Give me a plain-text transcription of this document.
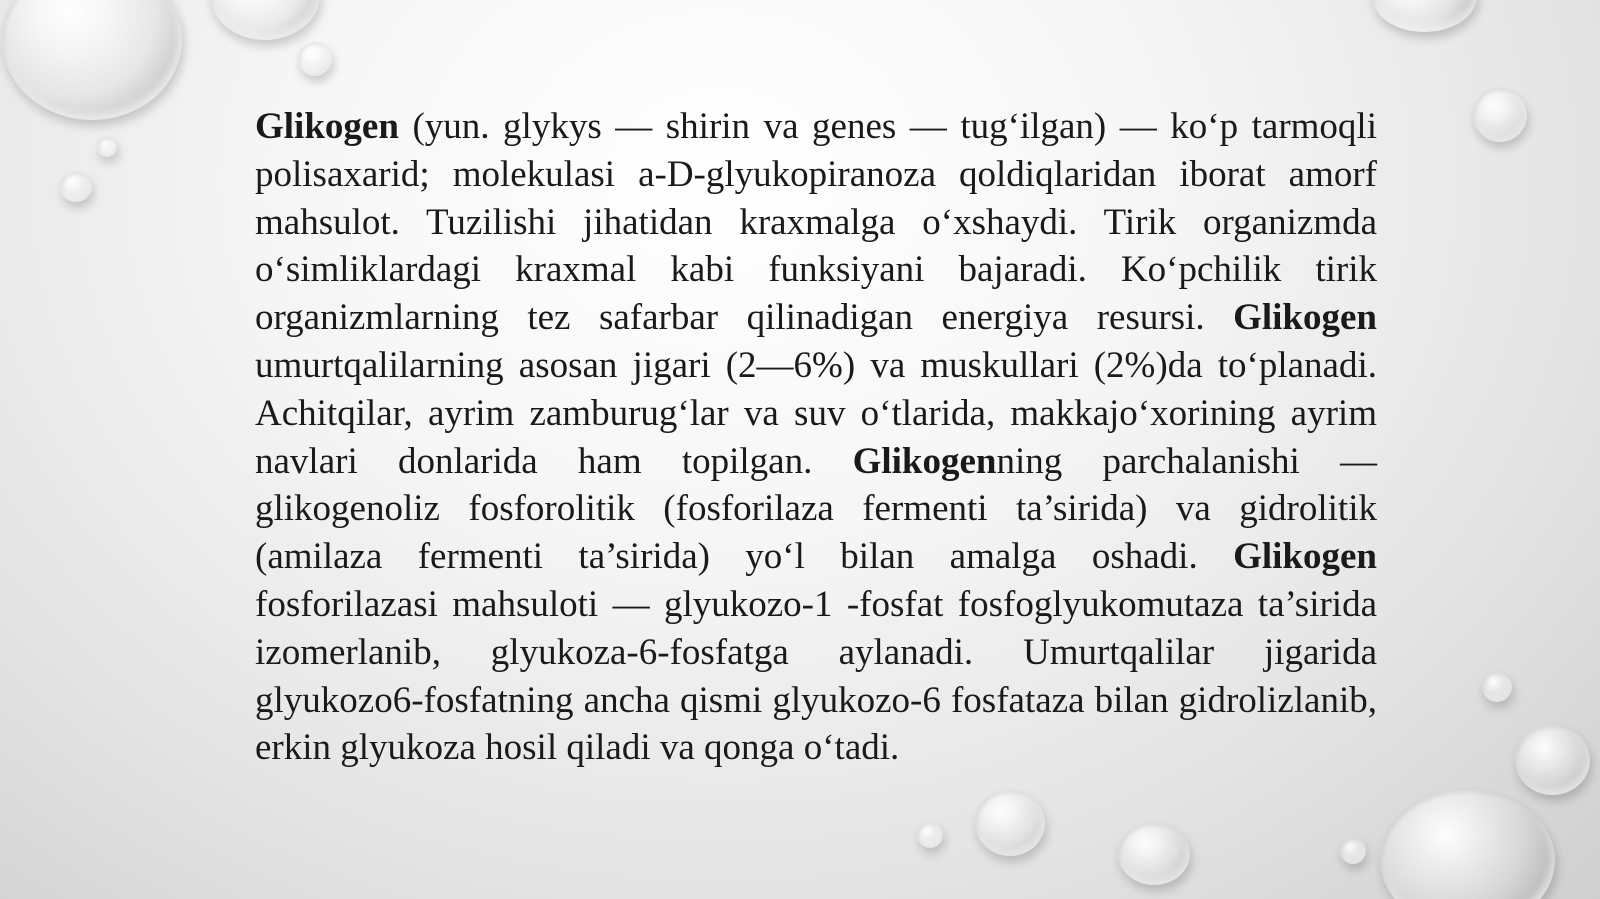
Glikogen (yun. glykys — shirin va genes — tug‘ilgan) — ko‘p tarmoqli polisaxarid; molekulasi a-D-glyukopiranoza qoldiqlaridan iborat amorf mahsulot. Tuzilishi jihatidan kraxmalga o‘xshaydi. Tirik organizmda o‘simliklardagi kraxmal kabi funksiyani bajaradi. Ko‘pchilik tirik organizmlarning tez safarbar qilinadigan energiya resursi. Glikogen umurtqalilarning asosan jigari (2—6%) va muskullari (2%)da to‘planadi. Achitqilar, ayrim zamburug‘lar va suv o‘tlarida, makkajo‘xorining ayrim navlari donlarida ham topilgan. Glikogenning parchalanishi — glikogenoliz fosforolitik (fosforilaza fermenti ta’sirida) va gidrolitik (amilaza fermenti ta’sirida) yo‘l bilan amalga oshadi. Glikogen fosforilazasi mahsuloti — glyukozo-1 -fosfat fosfoglyukomutaza ta’sirida izomerlanib, glyukoza-6-fosfatga aylanadi. Umurtqalilar jigarida glyukozo6-fosfatning ancha qismi glyukozo-6 fosfataza bilan gidrolizlanib, erkin glyukoza hosil qiladi va qonga o‘tadi.
